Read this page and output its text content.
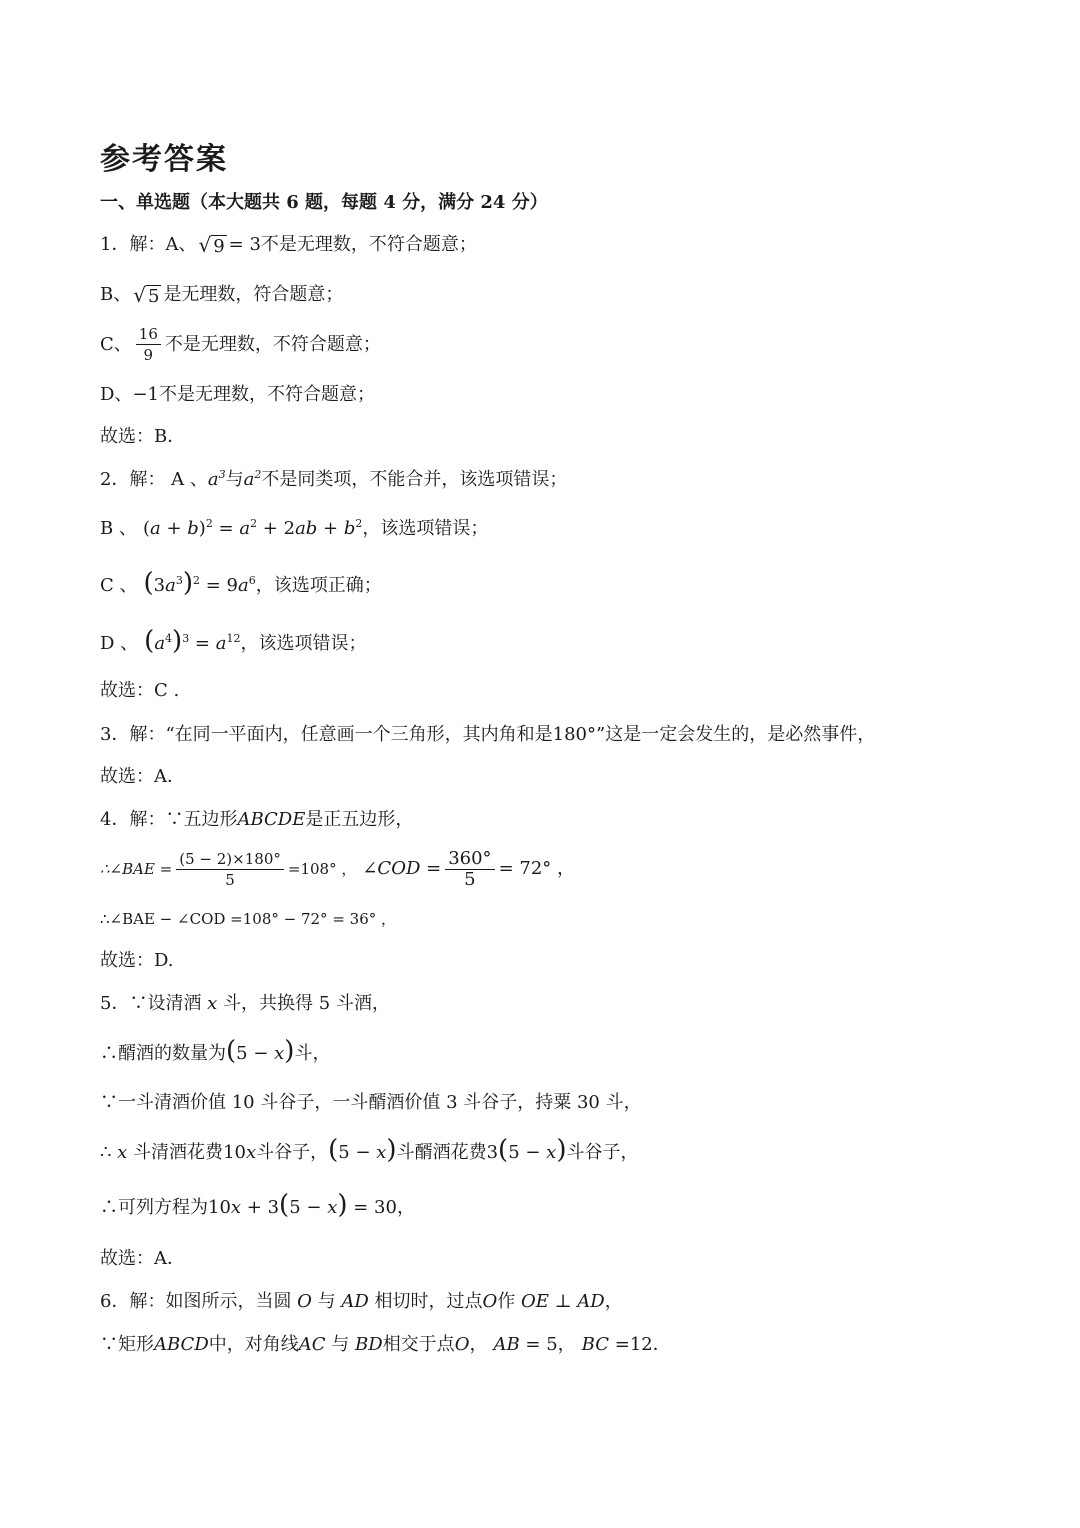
参考答案
一、单选题（本大题共 6 题，每题 4 分，满分 24 分）
1．解：A、 √ 9 = 3 不是无理数，不符合题意；
B、 √ 5 是无理数，符合题意；
C、 $\frac{16}{9}$ 不是无理数，不符合题意；
D、 −1 不是无理数，不符合题意；
故选：B．
2．解： A 、 $a^3$ 与 $a^2$ 不是同类项，不能合并，该选项错误；
B 、 $(a + b)^2 = a^2 + 2ab + b^2$ ，该选项错误；
C 、 $(3a^3)^2 = 9a^6$ ，该选项正确；
D 、 $(a^4)^3 = a^{12}$ ，该选项错误；
故选：C .
3．解：“在同一平面内，任意画一个三角形，其内角和是180°”这是一定会发生的，是必然事件，
故选：A．
4．解：∵五边形 ABCDE 是正五边形，
∴∠BAE = $\frac{(5 - 2)\times 180^\circ}{5} =108^\circ$ ， ∠COD = $\frac{360^\circ}{5} = 72^\circ$ ，
∴∠BAE − ∠COD =108° − 72° = 36° ，
故选：D.
5．∵设清酒 x 斗，共换得 5 斗酒，
∴醑酒的数量为 (5 − x) 斗，
∵一斗清酒价值 10 斗谷子，一斗醑酒价值 3 斗谷子，持粟 30 斗，
∴ x 斗清酒花费 10x 斗谷子， (5 − x) 斗醑酒花费 3(5 − x) 斗谷子，
∴可列方程为 10x + 3(5 − x) = 30 ，
故选：A．
6．解：如图所示，当圆 O 与 AD 相切时，过点 O 作 OE ⊥ AD ，
∵矩形 ABCD 中，对角线 AC
与
BD 相交于点 O ， AB = 5 ， BC =12 ．
